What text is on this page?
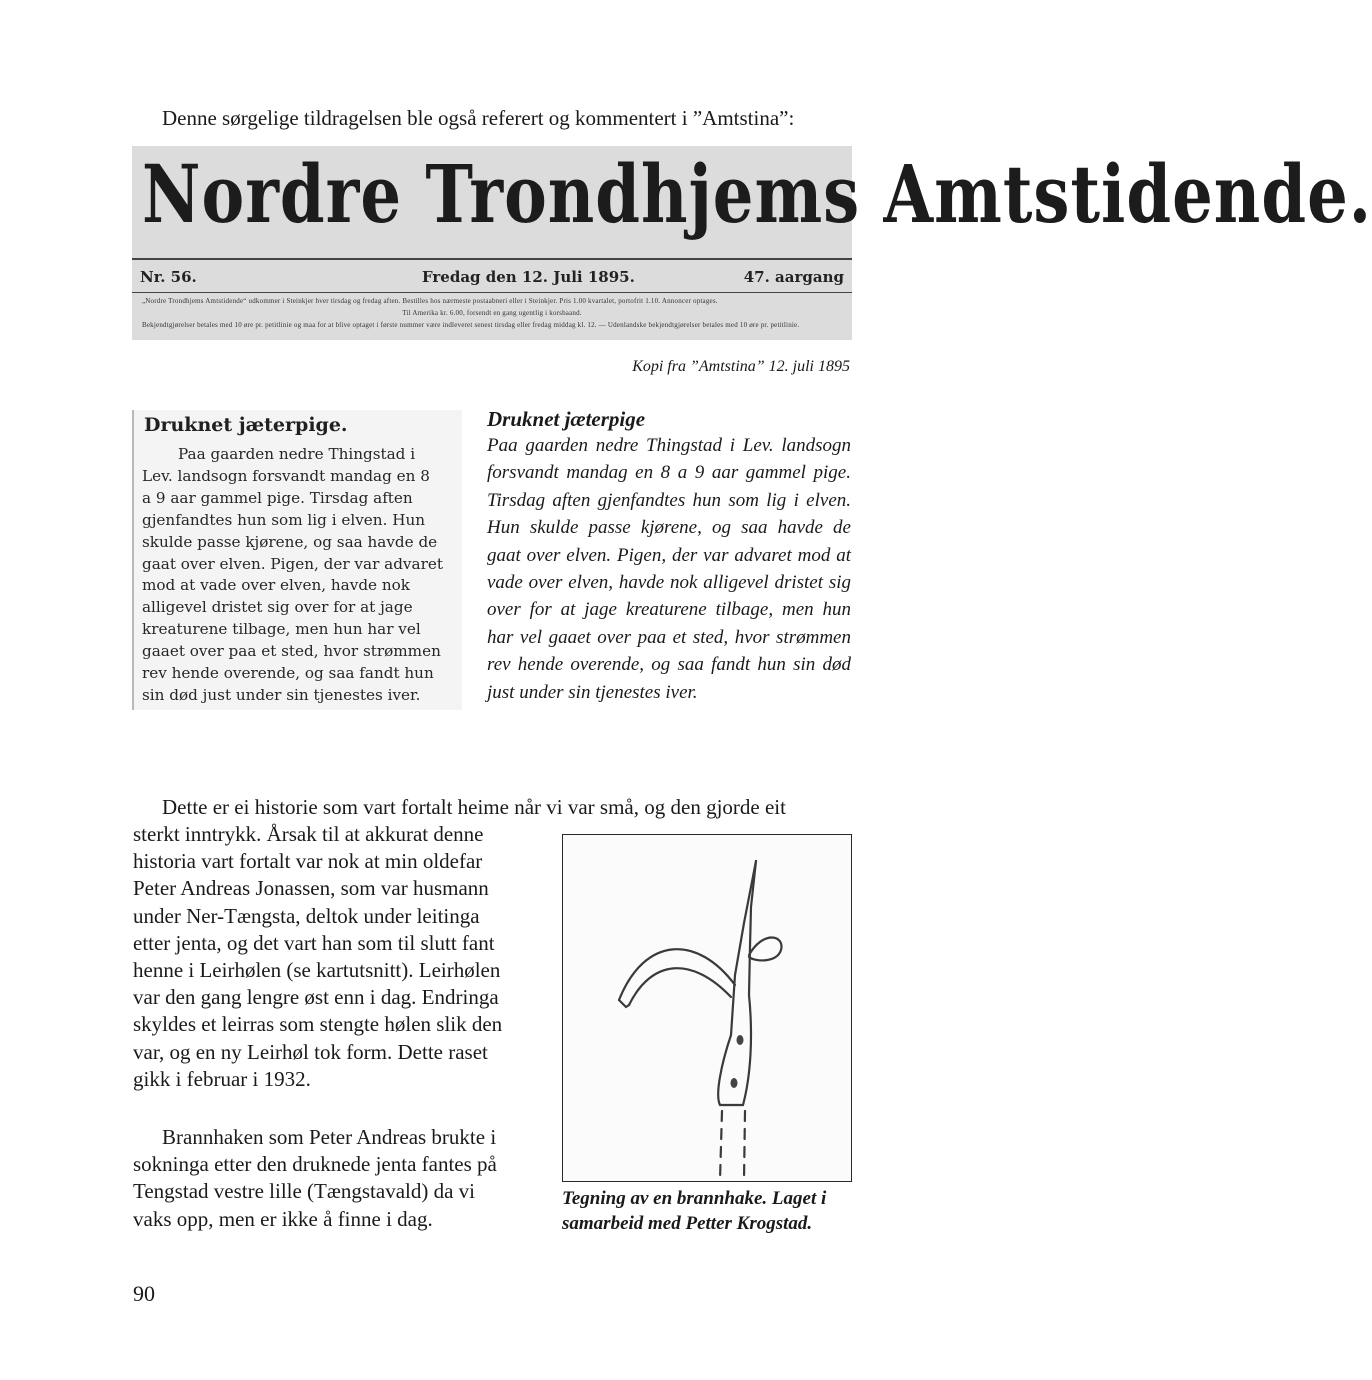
Denne sørgelige tildragelsen ble også referert og kommentert i ”Amtstina”:
Nordre Trondhjems Amtstidende.
Nr. 56.	Fredag den 12. Juli 1895.	47. aargang
„Nordre Trondhjems Amtstidende“ udkommer i Steinkjer hver tirsdag og fredag aften. Bestilles hos nærmeste postaabneri eller i Steinkjer. Pris 1.00 kvartalet, portofrit 1.10. Annoncer optages.
Til Amerika kr. 6.00, forsendt en gang ugentlig i korsbaand.
Bekjendtgjørelser betales med 10 øre pr. petitlinie og maa for at blive optaget i første nummer være indleveret senest tirsdag eller fredag middag kl. 12. — Udenlandske bekjendtgjørelser betales med 10 øre pr. petitlinie.
Kopi fra ”Amtstina” 12. juli 1895
Druknet jæterpige.
Paa gaarden nedre Thingstad i
Lev. landsogn forsvandt mandag en 8
a 9 aar gammel pige. Tirsdag aften
gjenfandtes hun som lig i elven. Hun
skulde passe kjørene, og saa havde de
gaat over elven. Pigen, der var advaret
mod at vade over elven, havde nok
alligevel dristet sig over for at jage
kreaturene tilbage, men hun har vel
gaaet over paa et sted, hvor strømmen
rev hende overende, og saa fandt hun
sin død just under sin tjenestes iver.
Druknet jæterpige
Paa gaarden nedre Thingstad i Lev. landsogn forsvandt mandag en 8 a 9 aar gammel pige. Tirsdag aften gjenfandtes hun som lig i elven. Hun skulde passe kjørene, og saa havde de gaat over elven. Pigen, der var advaret mod at vade over elven, havde nok alligevel dristet sig over for at jage kreaturene tilbage, men hun har vel gaaet over paa et sted, hvor strømmen rev hende overende, og saa fandt hun sin død just under sin tjenestes iver.
Dette er ei historie som vart fortalt heime når vi var små, og den gjorde eit
sterkt inntrykk. Årsak til at akkurat denne
historia vart fortalt var nok at min oldefar
Peter Andreas Jonassen, som var husmann
under Ner-Tængsta, deltok under leitinga
etter jenta, og det vart han som til slutt fant
henne i Leirhølen (se kartutsnitt). Leirhølen
var den gang lengre øst enn i dag. Endringa
skyldes et leirras som stengte hølen slik den
var, og en ny Leirhøl tok form. Dette raset
gikk i februar i 1932.
Brannhaken som Peter Andreas brukte i
sokninga etter den druknede jenta fantes på
Tengstad vestre lille (Tængstavald) da vi
vaks opp, men er ikke å finne i dag.
Tegning av en brannhake. Laget i samarbeid med Petter Krogstad.
90
